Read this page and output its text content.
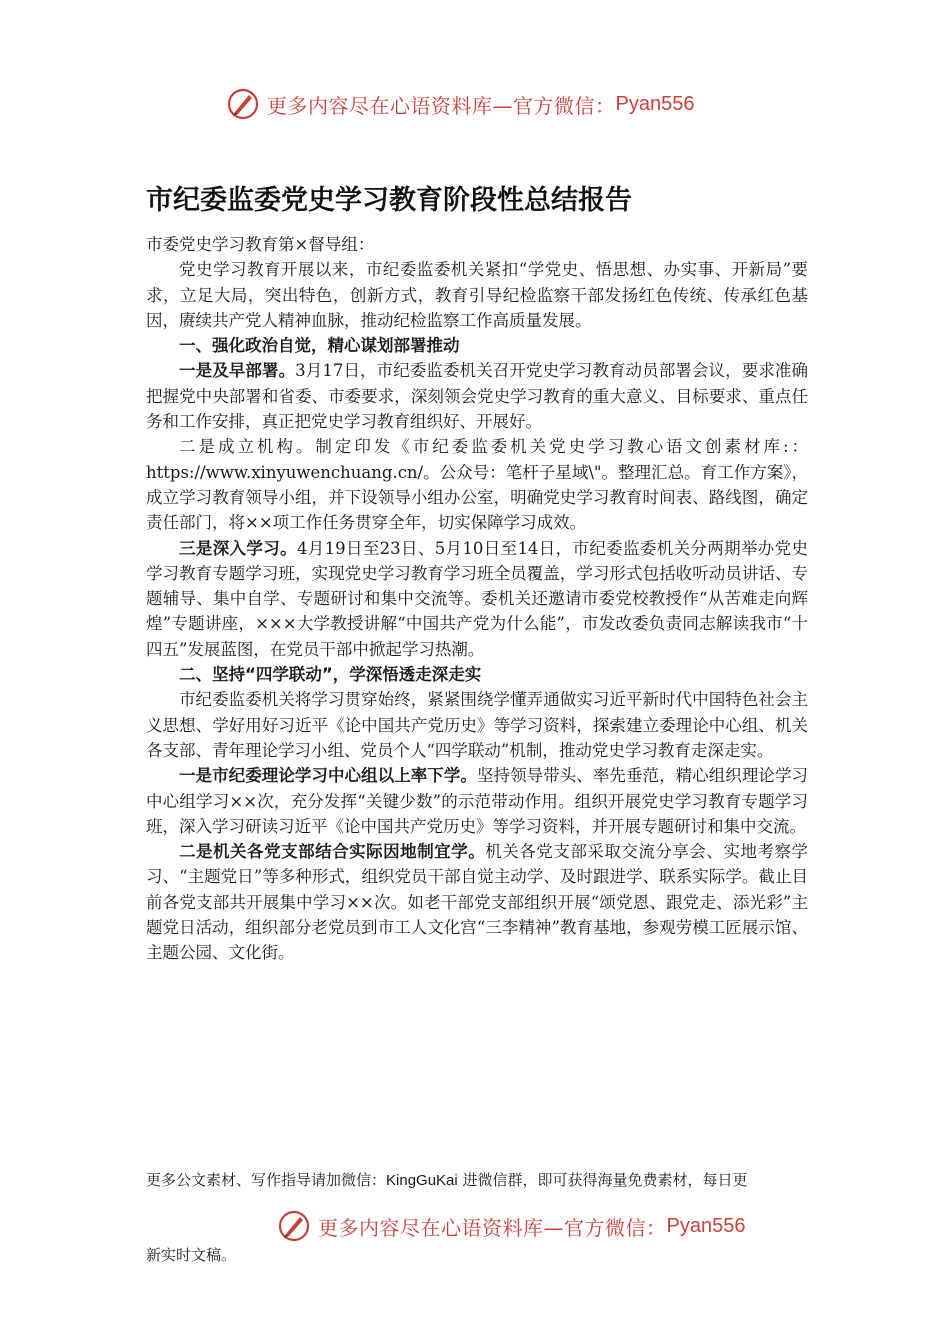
更多内容尽在心语资料库—官方微信： Pyan556
市纪委监委党史学习教育阶段性总结报告

市委党史学习教育第×督导组：

党史学习教育开展以来，市纪委监委机关紧扣“学党史、悟思想、办实事、开新局”要求，立足大局，突出特色，创新方式，教育引导纪检监察干部发扬红色传统、传承红色基因，赓续共产党人精神血脉，推动纪检监察工作高质量发展。

一、强化政治自觉，精心谋划部署推动

一是及早部署。3月17日，市纪委监委机关召开党史学习教育动员部署会议，要求准确把握党中央部署和省委、市委要求，深刻领会党史学习教育的重大意义、目标要求、重点任务和工作安排，真正把党史学习教育组织好、开展好。

二是成立机构。制定印发《市纪委监委机关党史学习教心语文创素材库:：https://www.xinyuwenchuang.cn/。公众号：笔杆子星域\"。整理汇总。育工作方案》，成立学习教育领导小组，并下设领导小组办公室，明确党史学习教育时间表、路线图，确定责任部门，将××项工作任务贯穿全年，切实保障学习成效。

三是深入学习。4月19日至23日、5月10日至14日，市纪委监委机关分两期举办党史学习教育专题学习班，实现党史学习教育学习班全员覆盖，学习形式包括收听动员讲话、专题辅导、集中自学、专题研讨和集中交流等。委机关还邀请市委党校教授作“从苦难走向辉煌”专题讲座，×××大学教授讲解“中国共产党为什么能”，市发改委负责同志解读我市“十四五”发展蓝图，在党员干部中掀起学习热潮。

二、坚持“四学联动”，学深悟透走深走实

市纪委监委机关将学习贯穿始终，紧紧围绕学懂弄通做实习近平新时代中国特色社会主义思想、学好用好习近平《论中国共产党历史》等学习资料，探索建立委理论中心组、机关各支部、青年理论学习小组、党员个人“四学联动”机制，推动党史学习教育走深走实。

一是市纪委理论学习中心组以上率下学。坚持领导带头、率先垂范，精心组织理论学习中心组学习××次，充分发挥“关键少数”的示范带动作用。组织开展党史学习教育专题学习班，深入学习研读习近平《论中国共产党历史》等学习资料，并开展专题研讨和集中交流。

二是机关各党支部结合实际因地制宜学。机关各党支部采取交流分享会、实地考察学习、“主题党日”等多种形式，组织党员干部自觉主动学、及时跟进学、联系实际学。截止目前各党支部共开展集中学习××次。如老干部党支部组织开展“颂党恩、跟党走、添光彩”主题党日活动，组织部分老党员到市工人文化宫“三李精神”教育基地，参观劳模工匠展示馆、主题公园、文化街。

更多公文素材、写作指导请加微信：KingGuKai 进微信群，即可获得海量免费素材，每日更
更多内容尽在心语资料库—官方微信： Pyan556
新实时文稿。
